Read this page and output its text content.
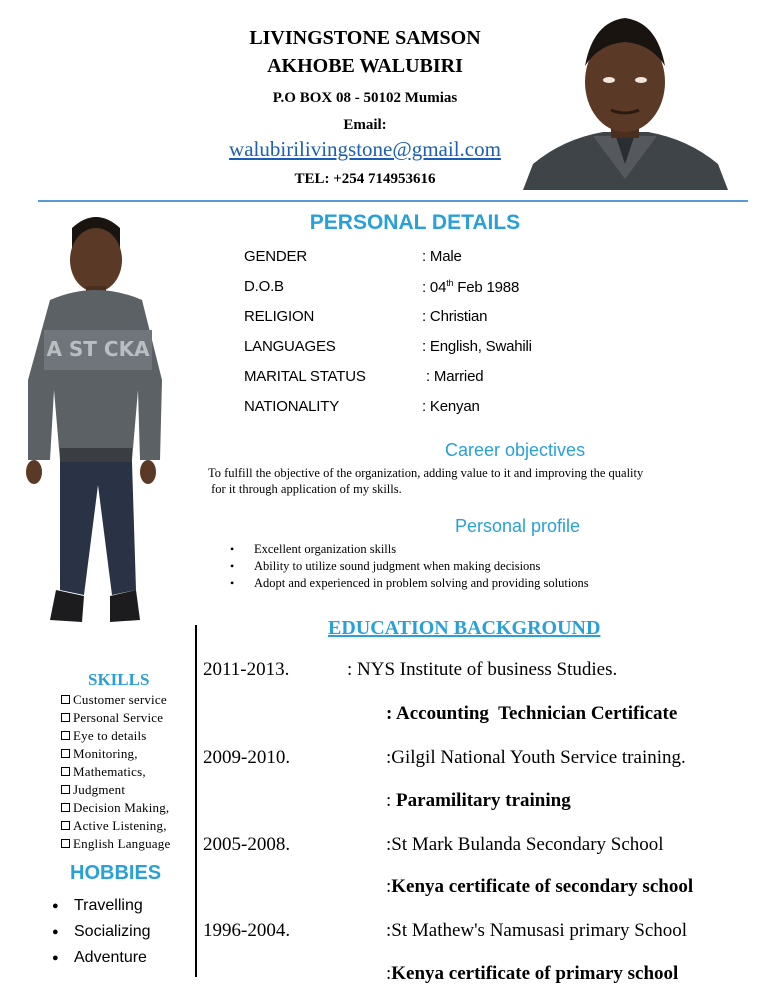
LIVINGSTONE SAMSON
AKHOBE WALUBIRI
P.O BOX 08 - 50102 Mumias
Email:
walubirilivingstone@gmail.com
TEL: +254 714953616
A ST CKA
PERSONAL DETAILS
GENDER	: Male
D.O.B	: 04th Feb 1988
RELIGION	: Christian
LANGUAGES	: English, Swahili
MARITAL STATUS	: Married
NATIONALITY	: Kenyan
Career objectives
To fulfill the objective of the organization, adding value to it and improving the quality
for it through application of my skills.
Personal profile
• Excellent organization skills
• Ability to utilize sound judgment when making decisions
• Adopt and experienced in problem solving and providing solutions
EDUCATION BACKGROUND
2011-2013.	: NYS Institute of business Studies.
: Accounting  Technician Certificate
2009-2010.	:Gilgil National Youth Service training.
: Paramilitary training
2005-2008.	:St Mark Bulanda Secondary School
:Kenya certificate of secondary school
1996-2004.	:St Mathew's Namusasi primary School
:Kenya certificate of primary school
SKILLS
Customer service
Personal Service
Eye to details
Monitoring,
Mathematics,
Judgment
Decision Making,
Active Listening,
English Language
HOBBIES
● Travelling
● Socializing
● Adventure
